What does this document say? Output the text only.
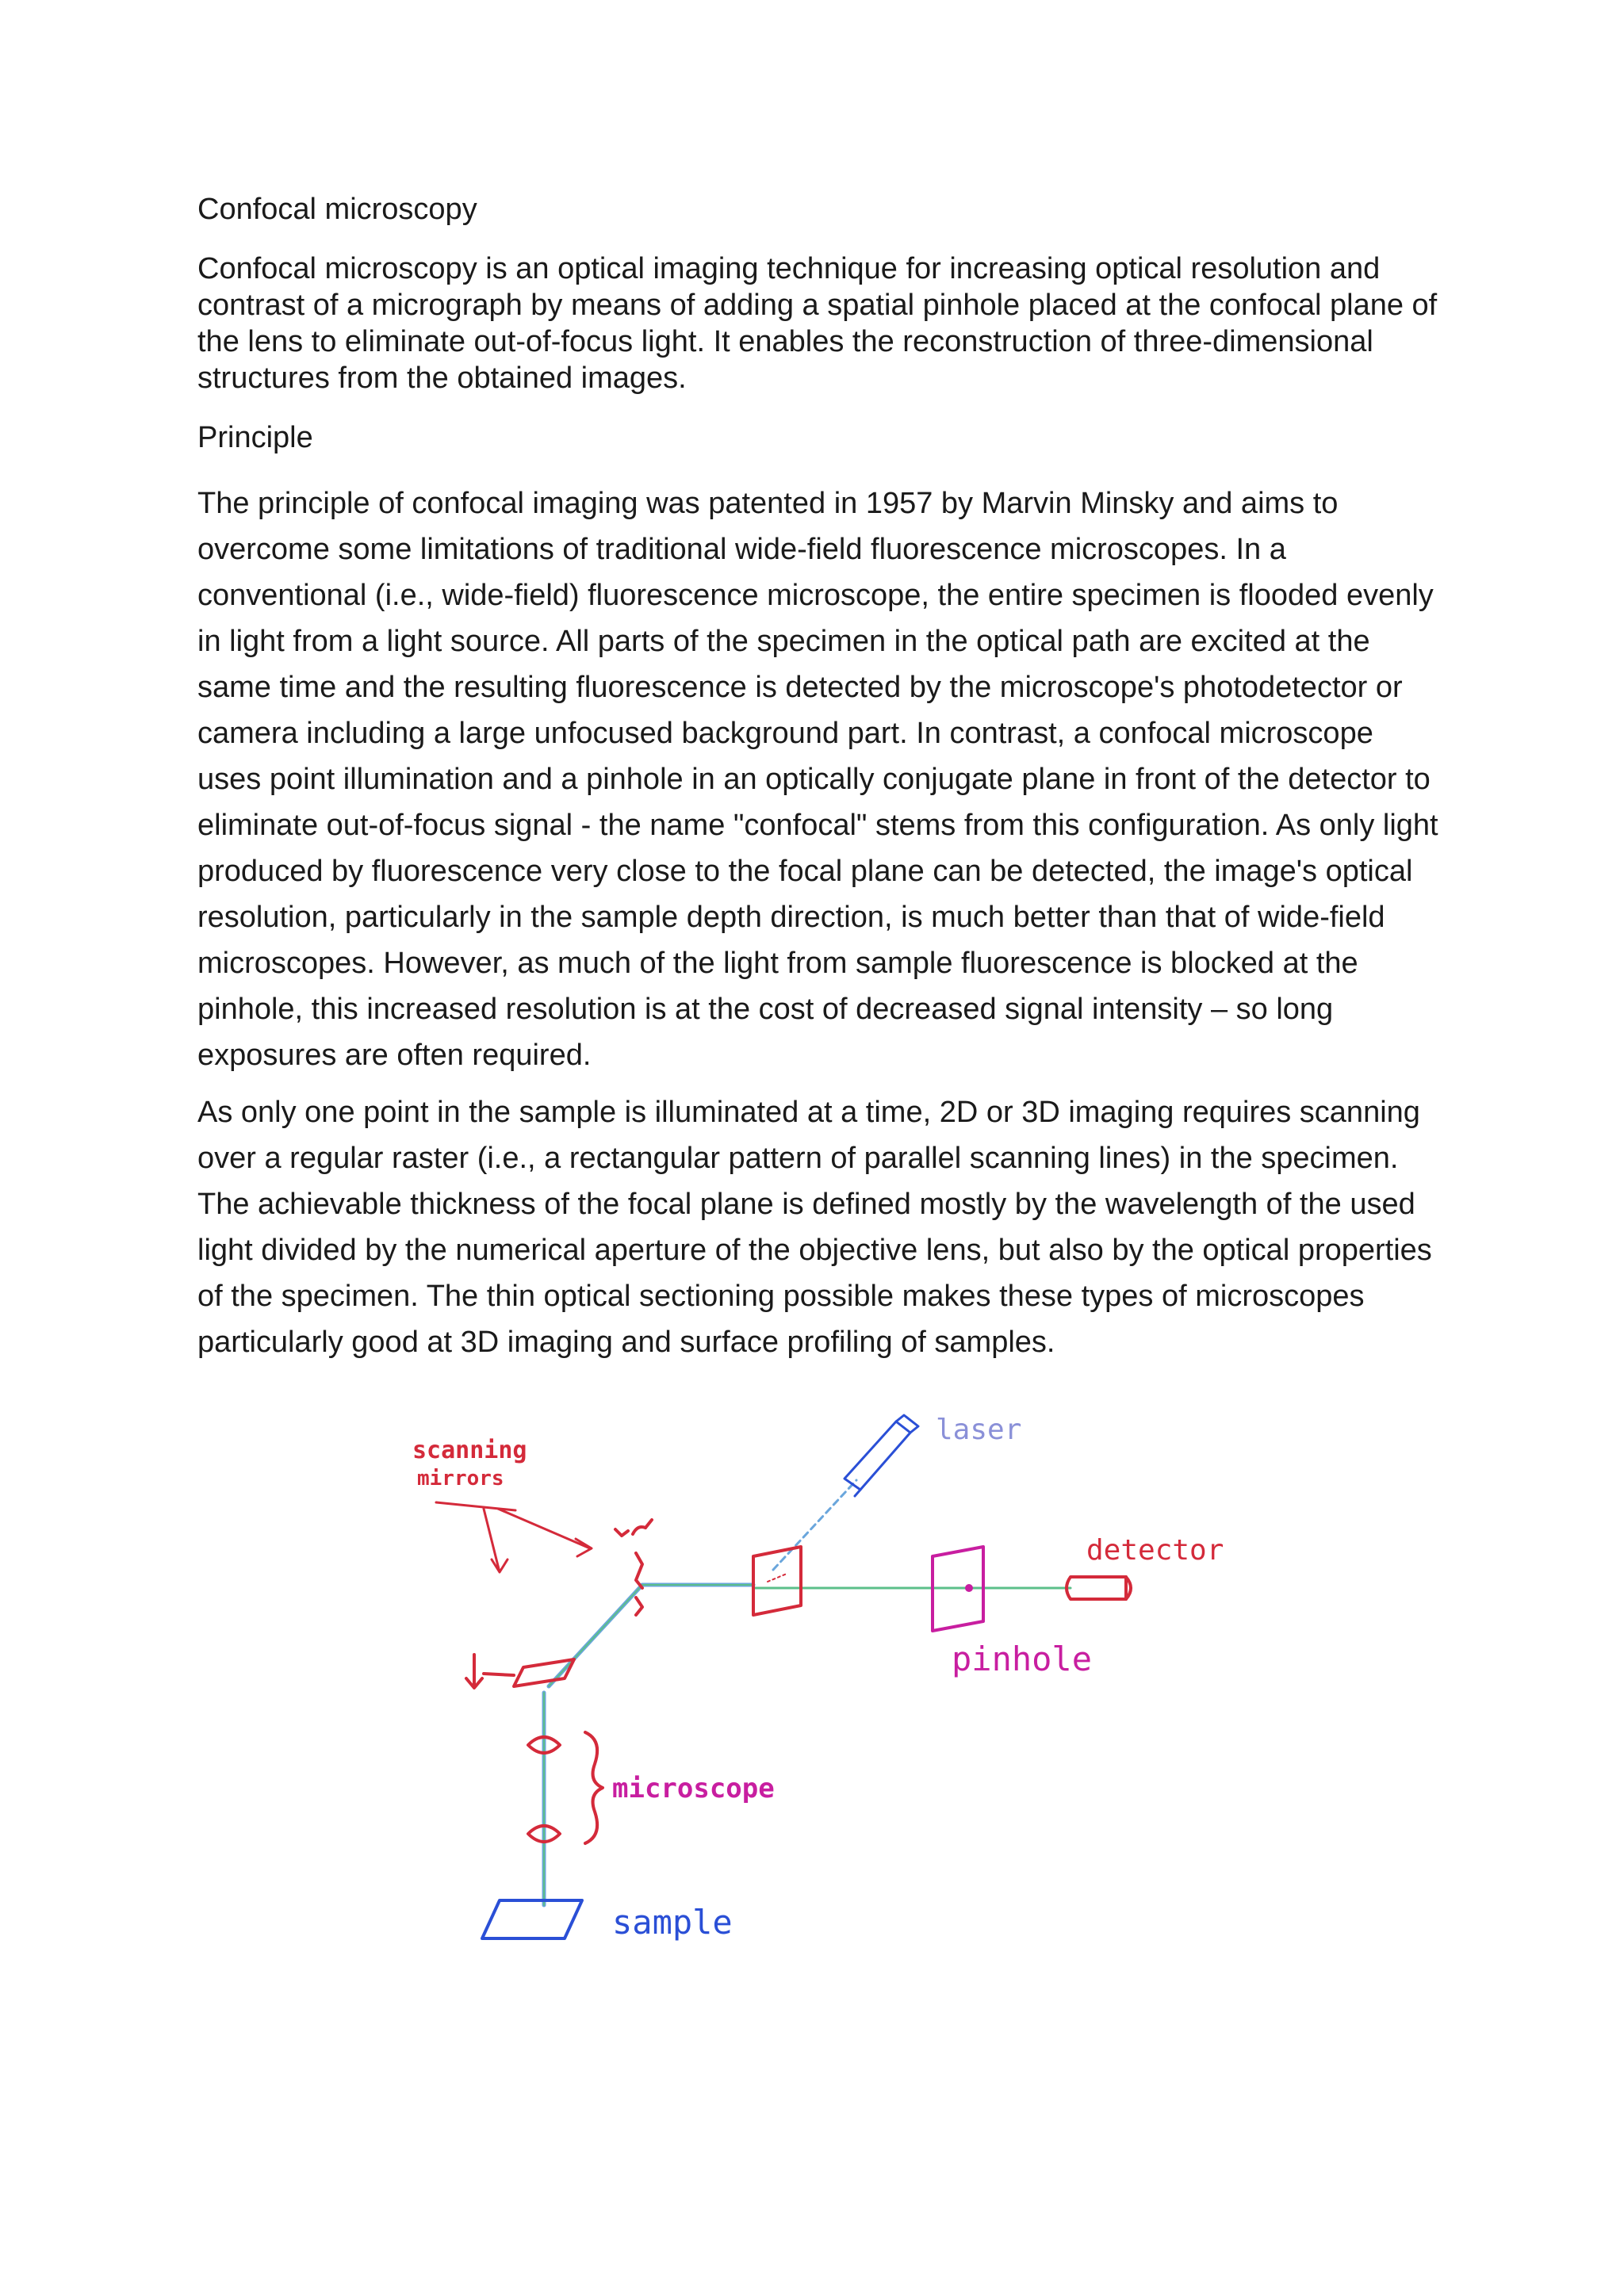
Confocal microscopy
Confocal microscopy is an optical imaging technique for increasing optical resolution and contrast of a micrograph by means of adding a spatial pinhole placed at the confocal plane of the lens to eliminate out-of-focus light. It enables the reconstruction of three-dimensional structures from the obtained images.
Principle
The principle of confocal imaging was patented in 1957 by Marvin Minsky and aims to overcome some limitations of traditional wide-field fluorescence microscopes. In a conventional (i.e., wide-field) fluorescence microscope, the entire specimen is flooded evenly in light from a light source. All parts of the specimen in the optical path are excited at the same time and the resulting fluorescence is detected by the microscope's photodetector or camera including a large unfocused background part. In contrast, a confocal microscope uses point illumination and a pinhole in an optically conjugate plane in front of the detector to eliminate out-of-focus signal - the name "confocal" stems from this configuration. As only light produced by fluorescence very close to the focal plane can be detected, the image's optical resolution, particularly in the sample depth direction, is much better than that of wide-field microscopes. However, as much of the light from sample fluorescence is blocked at the pinhole, this increased resolution is at the cost of decreased signal intensity – so long exposures are often required.
As only one point in the sample is illuminated at a time, 2D or 3D imaging requires scanning over a regular raster (i.e., a rectangular pattern of parallel scanning lines) in the specimen. The achievable thickness of the focal plane is defined mostly by the wavelength of the used light divided by the numerical aperture of the objective lens, but also by the optical properties of the specimen. The thin optical sectioning possible makes these types of microscopes particularly good at 3D imaging and surface profiling of samples.
scanning
mirrors
laser
detector
pinhole
microscope
sample
